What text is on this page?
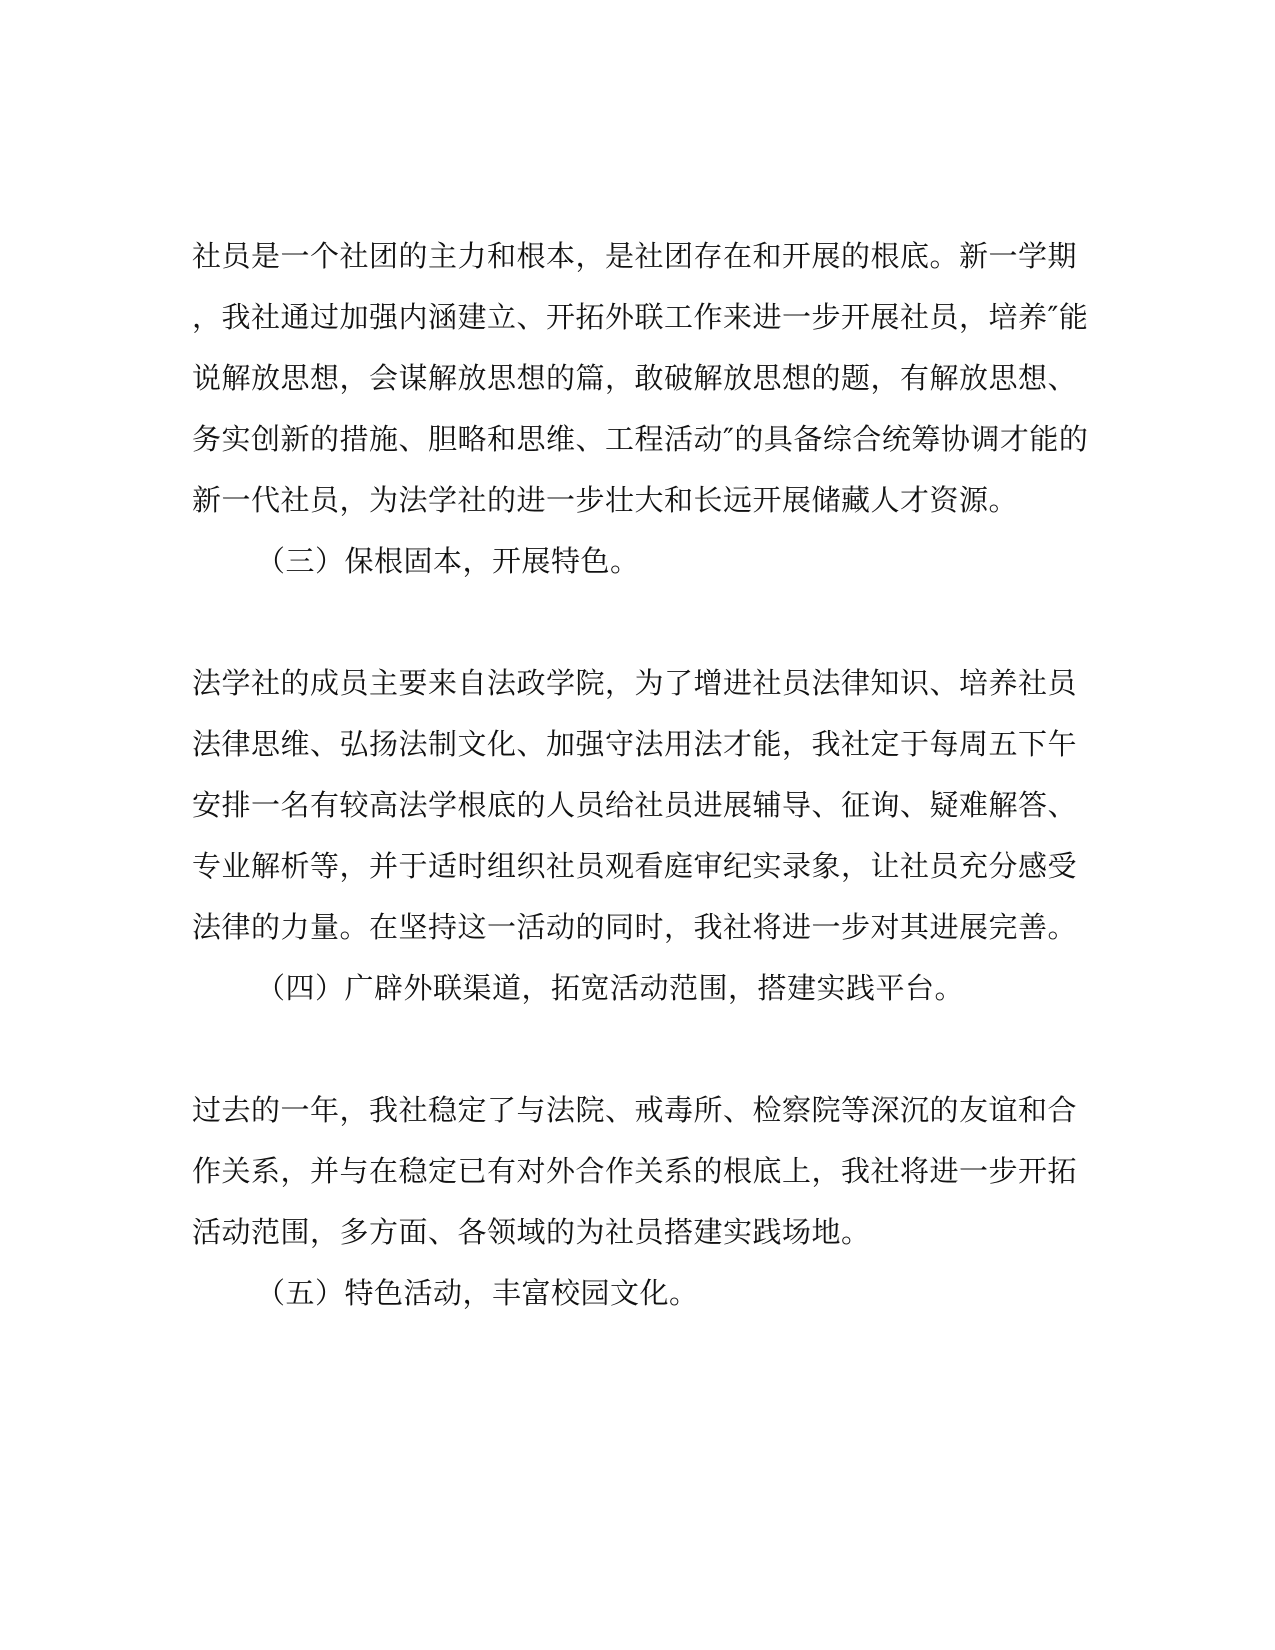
社员是一个社团的主力和根本，是社团存在和开展的根底。新一学期
，我社通过加强内涵建立、开拓外联工作来进一步开展社员，培养″能
说解放思想，会谋解放思想的篇，敢破解放思想的题，有解放思想、
务实创新的措施、胆略和思维、工程活动″的具备综合统筹协调才能的
新一代社员，为法学社的进一步壮大和长远开展储藏人才资源。
（三）保根固本，开展特色。
法学社的成员主要来自法政学院，为了增进社员法律知识、培养社员
法律思维、弘扬法制文化、加强守法用法才能，我社定于每周五下午
安排一名有较高法学根底的人员给社员进展辅导、征询、疑难解答、
专业解析等，并于适时组织社员观看庭审纪实录象，让社员充分感受
法律的力量。在坚持这一活动的同时，我社将进一步对其进展完善。
（四）广辟外联渠道，拓宽活动范围，搭建实践平台。
过去的一年，我社稳定了与法院、戒毒所、检察院等深沉的友谊和合
作关系，并与在稳定已有对外合作关系的根底上，我社将进一步开拓
活动范围，多方面、各领域的为社员搭建实践场地。
（五）特色活动，丰富校园文化。
